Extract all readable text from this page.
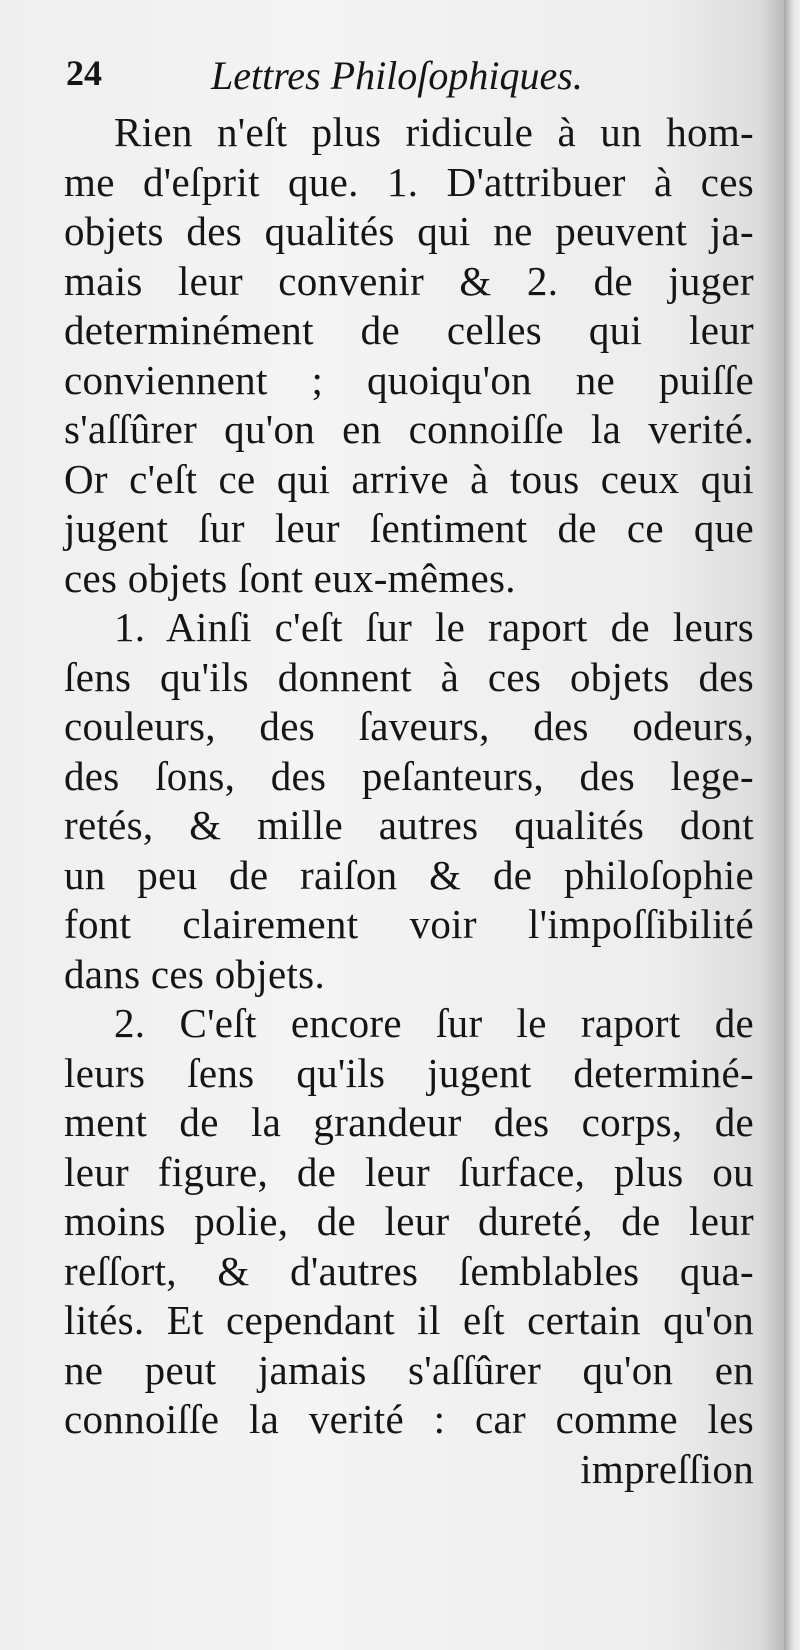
24	Lettres Philoſophiques.
Rien n'eſt plus ridicule à un hom-
me d'eſprit que. 1. D'attribuer à ces
objets des qualités qui ne peuvent ja-
mais leur convenir & 2. de juger
determinément de celles qui leur
conviennent ; quoiqu'on ne puiſſe
s'aſſûrer qu'on en connoiſſe la verité.
Or c'eſt ce qui arrive à tous ceux qui
jugent ſur leur ſentiment de ce que
ces objets ſont eux-mêmes.
1. Ainſi c'eſt ſur le raport de leurs
ſens qu'ils donnent à ces objets des
couleurs, des ſaveurs, des odeurs,
des ſons, des peſanteurs, des lege-
retés, & mille autres qualités dont
un peu de raiſon & de philoſophie
font clairement voir l'impoſſibilité
dans ces objets.
2. C'eſt encore ſur le raport de
leurs ſens qu'ils jugent determiné-
ment de la grandeur des corps, de
leur figure, de leur ſurface, plus ou
moins polie, de leur dureté, de leur
reſſort, & d'autres ſemblables qua-
lités. Et cependant il eſt certain qu'on
ne peut jamais s'aſſûrer qu'on en
connoiſſe la verité : car comme les
impreſſion
